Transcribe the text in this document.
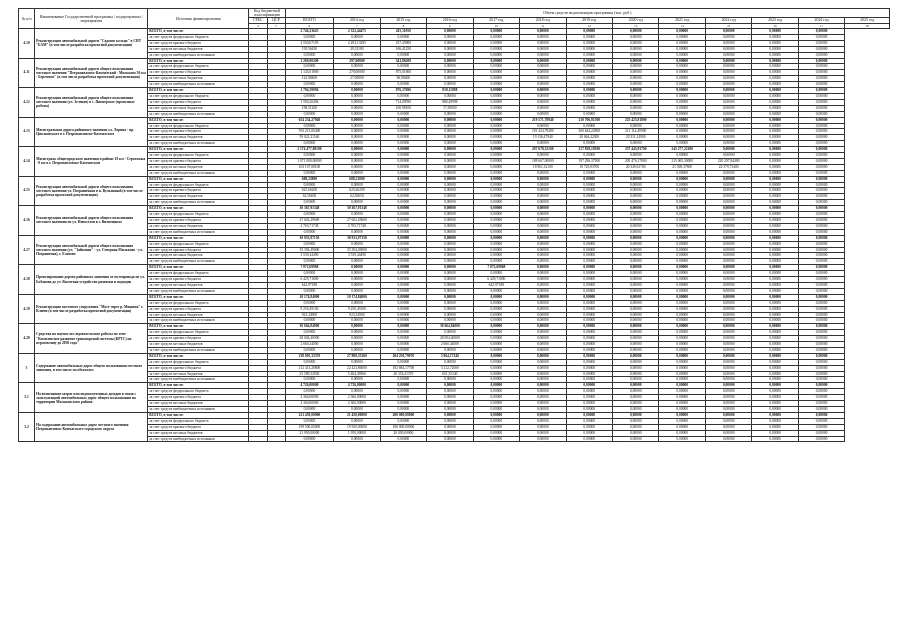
№ п/п	Наименование Государственной программы / подпрограммы / мероприятия	Источник финансирования	Код бюджетной классификации		Объем средств на реализацию программы (тыс. руб.)												
			ГРБС	ЦСР	ВСЕГО	2014 год	2015 год	2016 год	2017 год	2018 год	2019 год	2020 год	2021 год	2022 год	2023 год	2024 год	2025 год
			4	5	6	7	8	9	10	11	12	13	14	15	16	17	18
4.10	Реконструкция автомобильной дороги "Садовое кольцо" в СНТ "БАМ" (в том числе разработка проектной документации)	ВСЕГО, в том числе:			2 746,23625	2 322,44475	415,11050	0,00000	0,00000	0,00000	0,00000	0,00000	0,00000	0,00000	0,00000	0,00000	
		за счет средств федерального бюджета			0,00000	0,00000	0,00000	0,00000	0,00000	0,00000	0,00000	0,00000	0,00000	0,00000	0,00000	0,00000	
		за счет средств краевого бюджета			2 550,67195	2 293,13295	257,45900	0,00000	0,00000	0,00000	0,00000	0,00000	0,00000	0,00000	0,00000	0,00000	
		за счет средств местных бюджетов			195,56430	29,31180	166,41250	0,00000	0,00000	0,00000	0,00000	0,00000	0,00000	0,00000	0,00000	0,00000	
		за счет средств внебюджетных источников			0,00000	0,00000	0,00000	0,00000	0,00000	0,00000	0,00000	0,00000	0,00000	0,00000	0,00000	0,00000	
4.11	Реконструкция автомобильной дороги общего пользования местного значения "Петропавловск-Камчатский - Мильково 56 км - Березовое" (в том числе разработка проектной документации)	ВСЕГО, в том числе:			1 269,00200	297,00000	341,86200	0,00000	0,00000	0,00000	0,00000	0,00000	0,00000	0,00000	0,00000	0,00000	
		за счет средств федерального бюджета			0,00000	0,00000	0,00000	0,00000	0,00000	0,00000	0,00000	0,00000	0,00000	0,00000	0,00000	0,00000	
		за счет средств краевого бюджета			1 145,01800	270,00000	875,01800	0,00000	0,00000	0,00000	0,00000	0,00000	0,00000	0,00000	0,00000	0,00000	
		за счет средств местных бюджетов			123,98400	27,00000	96,98400	0,00000	0,00000	0,00000	0,00000	0,00000	0,00000	0,00000	0,00000	0,00000	
		за счет средств внебюджетных источников			0,00000	0,00000	0,00000	0,00000	0,00000	0,00000	0,00000	0,00000	0,00000	0,00000	0,00000	0,00000	
4.12	Реконструкция автомобильной дороги общего пользования местного значения (ул. Зеленая) в с. Пионерское (проектные работы)	ВСЕГО, в том числе:			1 794,39094	0,00000	876,37696	818,11898	0,00000	0,00000	0,00000	0,00000	0,00000	0,00000	0,00000	0,00000	
		за счет средств федерального бюджета			0,00000	0,00000	0,00000	0,00000	0,00000	0,00000	0,00000	0,00000	0,00000	0,00000	0,00000	0,00000	
		за счет средств краевого бюджета			1 594,20494	0,00000	714,09596	880,49998	0,00000	0,00000	0,00000	0,00000	0,00000	0,00000	0,00000	0,00000	
		за счет средств местных бюджетов			198,51200	0,00000	100,98100	17,50000	0,00000	0,00000	0,00000	0,00000	0,00000	0,00000	0,00000	0,00000	
		за счет средств внебюджетных источников			0,00000	0,00000	0,00000	0,00000	0,00000	0,00000	0,00000	0,00000	0,00000	0,00000	0,00000	0,00000	
4.13	Магистральная дорога районного значения ул. Лорина - пр. Циолковского в г. Петропавловске-Камчатском	ВСЕГО, в том числе:			654 234,27940	0,00000	0,00000	0,00000	0,00000	219 571,78940	210 706,81500	223 425,91800	0,00000	0,00000	0,00000	0,00000	
		за счет средств федерального бюджета			0,00000	0,00000	0,00000	0,00000	0,00000	0,00000	0,00000	0,00000	0,00000	0,00000	0,00000	0,00000	
		за счет средств краевого бюджета			593 213,06400	0,00000	0,00000	0,00000	0,00000	181 434,79400	200 644,22800	211 114,49900	0,00000	0,00000	0,00000	0,00000	
		за счет средств местных бюджетов			59 021,21540	0,00000	0,00000	0,00000	0,00000	19 136,47940	20 064,42300	20 311,14900	0,00000	0,00000	0,00000	0,00000	
		за счет средств внебюджетных источников			0,00000	0,00000	0,00000	0,00000	0,00000	0,00000	0,00000	0,00000	0,00000	0,00000	0,00000	0,00000	
4.14	Магистраль общегородского значения в районе 10 км - Сероглазка - 8 км в г. Петропавловске-Камчатском	ВСЕГО, в том числе:			1 174 477,08100	0,00000	0,00000	0,00000	0,00000	207 678,32100	217 838,18500	237 445,93700	245 277,22100	0,00000	0,00000	0,00000	
		за счет средств федерального бюджета			0,00000	0,00000	0,00000	0,00000	0,00000	0,00000	0,00000	0,00000	0,00000	0,00000	0,00000	0,00000	
		за счет средств краевого бюджета			1 071 000,00000	0,00000	0,00000	0,00000	0,00000	188 667,00000	197 296,37900	205 476,17800	215 065,30000	220 297,84400	0,00000	0,00000	
		за счет средств местных бюджетов			103 107,08100	0,00000	0,00000	0,00000	0,00000	18 961,32100	19 729,83700	20 349,61700	21 569,37800	22 579,75400	0,00000	0,00000	
		за счет средств внебюджетных источников			0,00000	0,00000	0,00000	0,00000	0,00000	0,00000	0,00000	0,00000	0,00000	0,00000	0,00000	0,00000	
4.15	Реконструкция автомобильной дороги общего пользования местного значения ул. Пограничная в п. Вулканный (в том числе разработка проектной документации)	ВСЕГО, в том числе:			688,23800	688,23800	0,00000	0,00000	0,00000	0,00000	0,00000	0,00000	0,00000	0,00000	0,00000	0,00000	
		за счет средств федерального бюджета			0,00000	0,00000	0,00000	0,00000	0,00000	0,00000	0,00000	0,00000	0,00000	0,00000	0,00000	0,00000	
		за счет средств краевого бюджета			625,66200	625,66200	0,00000	0,00000	0,00000	0,00000	0,00000	0,00000	0,00000	0,00000	0,00000	0,00000	
		за счет средств местных бюджетов			62,56650	62,56650	0,00000	0,00000	0,00000	0,00000	0,00000	0,00000	0,00000	0,00000	0,00000	0,00000	
		за счет средств внебюджетных источников			0,00000	0,00000	0,00000	0,00000	0,00000	0,00000	0,00000	0,00000	0,00000	0,00000	0,00000	0,00000	
4.16	Реконструкция автомобильной дороги общего пользования местного значения по ул. Новоселов в г. Вилючинске	ВСЕГО, в том числе:			30 367,91348	30 367,91348	0,00000	0,00000	0,00000	0,00000	0,00000	0,00000	0,00000	0,00000	0,00000	0,00000	
		за счет средств федерального бюджета			0,00000	0,00000	0,00000	0,00000	0,00000	0,00000	0,00000	0,00000	0,00000	0,00000	0,00000	0,00000	
		за счет средств краевого бюджета			27 602,29600	27 602,29600	0,00000	0,00000	0,00000	0,00000	0,00000	0,00000	0,00000	0,00000	0,00000	0,00000	
		за счет средств местных бюджетов			2 765,71748	2 765,71748	0,00000	0,00000	0,00000	0,00000	0,00000	0,00000	0,00000	0,00000	0,00000	0,00000	
		за счет средств внебюджетных источников			0,00000	0,00000	0,00000	0,00000	0,00000	0,00000	0,00000	0,00000	0,00000	0,00000	0,00000	0,00000	
4.17	Реконструкция автомобильной дороги общего пользования местного значения (ул. "Зайковая" - ул. Северная Мильково - ул. Погранична), г. Елизово	ВСЕГО, в том числе:			38 933,97150	38 933,97150	0,00000	0,00000	0,00000	0,00000	0,00000	0,00000	0,00000	0,00000	0,00000	0,00000	
		за счет средств федерального бюджета			0,00000	0,00000	0,00000	0,00000	0,00000	0,00000	0,00000	0,00000	0,00000	0,00000	0,00000	0,00000	
		за счет средств краевого бюджета			35 394,49000	35 394,49000	0,00000	0,00000	0,00000	0,00000	0,00000	0,00000	0,00000	0,00000	0,00000	0,00000	
		за счет средств местных бюджетов			3 539,44490	3 539,44490	0,00000	0,00000	0,00000	0,00000	0,00000	0,00000	0,00000	0,00000	0,00000	0,00000	
		за счет средств внебюджетных источников			0,00000	0,00000	0,00000	0,00000	0,00000	0,00000	0,00000	0,00000	0,00000	0,00000	0,00000	0,00000	
4.18	Проектирование дороги районного значения от путепровода по ул. Бобанова до ул. Высотная устройство развязки и подходов	ВСЕГО, в том числе:			7 072,69968	0,00000	0,00000	0,00000	7 072,69968	0,00000	0,00000	0,00000	0,00000	0,00000	0,00000	0,00000	
		за счет средств федерального бюджета			0,00000	0,00000	0,00000	0,00000	0,00000	0,00000	0,00000	0,00000	0,00000	0,00000	0,00000	0,00000	
		за счет средств краевого бюджета			6 429,71800	0,00000	0,00000	0,00000	6 429,71800	0,00000	0,00000	0,00000	0,00000	0,00000	0,00000	0,00000	
		за счет средств местных бюджетов			642,97188	0,00000	0,00000	0,00000	642,97188	0,00000	0,00000	0,00000	0,00000	0,00000	0,00000	0,00000	
		за счет средств внебюджетных источников			0,00000	0,00000	0,00000	0,00000	0,00000	0,00000	0,00000	0,00000	0,00000	0,00000	0,00000	0,00000	
4.19	Реконструкция мостового сооружения "Мост через р. Мишина" г. Ключи (в том числе разработка проектной документации)	ВСЕГО, в том числе:			10 174,84000	10 174,84000	0,00000	0,00000	0,00000	0,00000	0,00000	0,00000	0,00000	0,00000	0,00000	0,00000	
		за счет средств федерального бюджета			0,00000	0,00000	0,00000	0,00000	0,00000	0,00000	0,00000	0,00000	0,00000	0,00000	0,00000	0,00000	
		за счет средств краевого бюджета			9 250,49100	9 250,49100	0,00000	0,00000	0,00000	0,00000	0,00000	0,00000	0,00000	0,00000	0,00000	0,00000	
		за счет средств местных бюджетов			923,34900	923,34900	0,00000	0,00000	0,00000	0,00000	0,00000	0,00000	0,00000	0,00000	0,00000	0,00000	
		за счет средств внебюджетных источников			0,00000	0,00000	0,00000	0,00000	0,00000	0,00000	0,00000	0,00000	0,00000	0,00000	0,00000	0,00000	
4.20	Средства на научно-исследовательские работы по теме "Комплексное развитие транспортной системы (КРТС) на перспективу до 2030 года"	ВСЕГО, в том числе:			30 664,84000	0,00000	0,00000	30 664,84000	0,00000	0,00000	0,00000	0,00000	0,00000	0,00000	0,00000	0,00000	
		за счет средств федерального бюджета			0,00000	0,00000	0,00000	0,00000	0,00000	0,00000	0,00000	0,00000	0,00000	0,00000	0,00000	0,00000	
		за счет средств краевого бюджета			28 004,40000	0,00000	0,00000	28 004,40000	0,00000	0,00000	0,00000	0,00000	0,00000	0,00000	0,00000	0,00000	
		за счет средств местных бюджетов			2 660,44000	0,00000	0,00000	2 660,44000	0,00000	0,00000	0,00000	0,00000	0,00000	0,00000	0,00000	0,00000	
		за счет средств внебюджетных источников			0,00000	0,00000	0,00000	0,00000	0,00000	0,00000	0,00000	0,00000	0,00000	0,00000	0,00000	0,00000	
5	Содержание автомобильных дорог общего пользования местного значения, в том числе по объектам:	ВСЕГО, в том числе:			238 003,33370	27 888,35360	204 250,79070	5 864,17240	0,00000	0,00000	0,00000	0,00000	0,00000	0,00000	0,00000	0,00000	
		за счет средств федерального бюджета			0,00000	0,00000	0,00000	0,00000	0,00000	0,00000	0,00000	0,00000	0,00000	0,00000	0,00000	0,00000	
		за счет средств краевого бюджета			212 413,20800	22 423,86000	182 864,17700	5 212,72000	0,00000	0,00000	0,00000	0,00000	0,00000	0,00000	0,00000	0,00000	
		за счет средств местных бюджетов			25 589,32830	5 464,49360	20 354,41370	651,35240	0,00000	0,00000	0,00000	0,00000	0,00000	0,00000	0,00000	0,00000	
		за счет средств внебюджетных источников			0,00000	0,00000	0,00000	0,00000	0,00000	0,00000	0,00000	0,00000	0,00000	0,00000	0,00000	0,00000	
5.1	На возмещение затрат или недополученных доходов в связи с эксплуатацией автомобильных дорог общего пользования на территории Мильковского района	ВСЕГО, в том числе:			4 726,00000	4 726,00000	0,00000	0,00000	0,00000	0,00000	0,00000	0,00000	0,00000	0,00000	0,00000	0,00000	
		за счет средств федерального бюджета			0,00000	0,00000	0,00000	0,00000	0,00000	0,00000	0,00000	0,00000	0,00000	0,00000	0,00000	0,00000	
		за счет средств краевого бюджета			2 366,00000	2 366,00000	0,00000	0,00000	0,00000	0,00000	0,00000	0,00000	0,00000	0,00000	0,00000	0,00000	
		за счет средств местных бюджетов			2 360,00000	2 360,00000	0,00000	0,00000	0,00000	0,00000	0,00000	0,00000	0,00000	0,00000	0,00000	0,00000	
		за счет средств внебюджетных источников			0,00000	0,00000	0,00000	0,00000	0,00000	0,00000	0,00000	0,00000	0,00000	0,00000	0,00000	0,00000	
5.2	На содержание автомобильных дорог местного значения Петропавловск-Камчатского городского округа	ВСЕГО, в том числе:			221 450,00000	21 450,00000	200 000,00000	0,00000	0,00000	0,00000	0,00000	0,00000	0,00000	0,00000	0,00000	0,00000	
		за счет средств федерального бюджета			0,00000	0,00000	0,00000	0,00000	0,00000	0,00000	0,00000	0,00000	0,00000	0,00000	0,00000	0,00000	
		за счет средств краевого бюджета			199 500,00000	19 500,00000	180 000,00000	0,00000	0,00000	0,00000	0,00000	0,00000	0,00000	0,00000	0,00000	0,00000	
		за счет средств местных бюджетов			21 950,00000	1 950,00000	20 000,00000	0,00000	0,00000	0,00000	0,00000	0,00000	0,00000	0,00000	0,00000	0,00000	
		за счет средств внебюджетных источников			0,00000	0,00000	0,00000	0,00000	0,00000	0,00000	0,00000	0,00000	0,00000	0,00000	0,00000	0,00000	
